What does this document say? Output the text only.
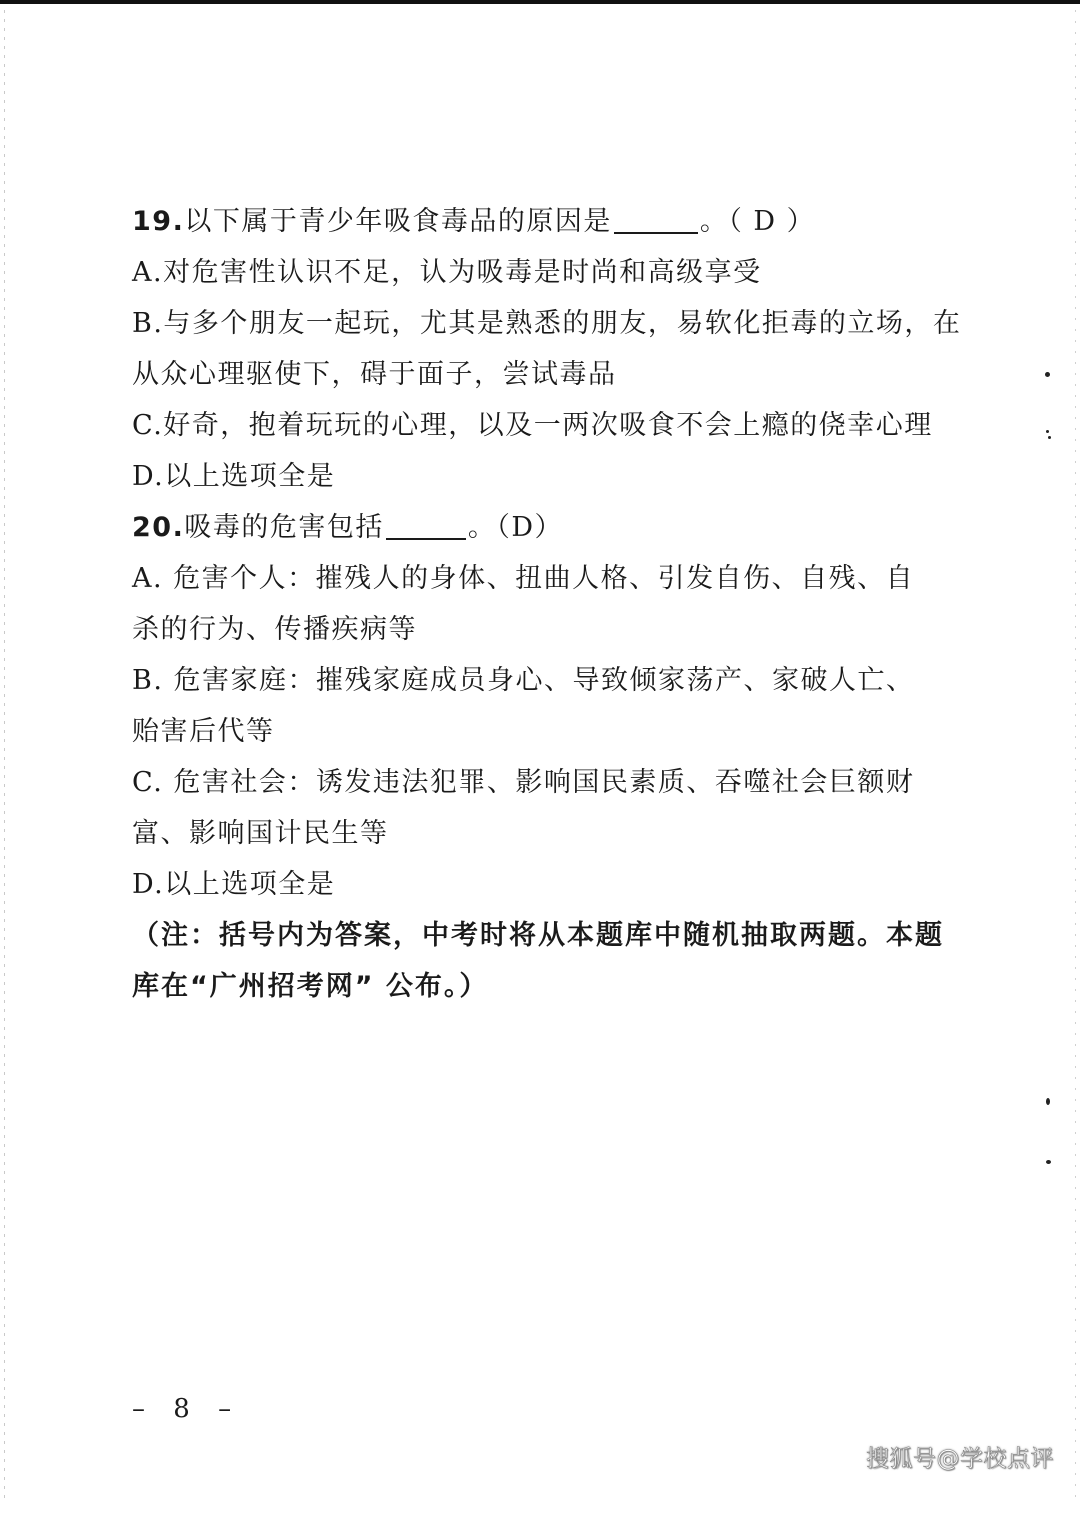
19.以下属于青少年吸食毒品的原因是	。（ D ）
A.对危害性认识不足，认为吸毒是时尚和高级享受
B.与多个朋友一起玩，尤其是熟悉的朋友，易软化拒毒的立场，在
从众心理驱使下，碍于面子，尝试毒品
C.好奇，抱着玩玩的心理，以及一两次吸食不会上瘾的侥幸心理
D.以上选项全是
20.吸毒的危害包括	。（D）
A. 危害个人：摧残人的身体、扭曲人格、引发自伤、自残、自
杀的行为、传播疾病等
B. 危害家庭：摧残家庭成员身心、导致倾家荡产、家破人亡、
贻害后代等
C. 危害社会：诱发违法犯罪、影响国民素质、吞噬社会巨额财
富、影响国计民生等
D.以上选项全是
（注：括号内为答案，中考时将从本题库中随机抽取两题。本题
库在“广州招考网” 公布。）
– 8 –
搜狐号@学校点评
